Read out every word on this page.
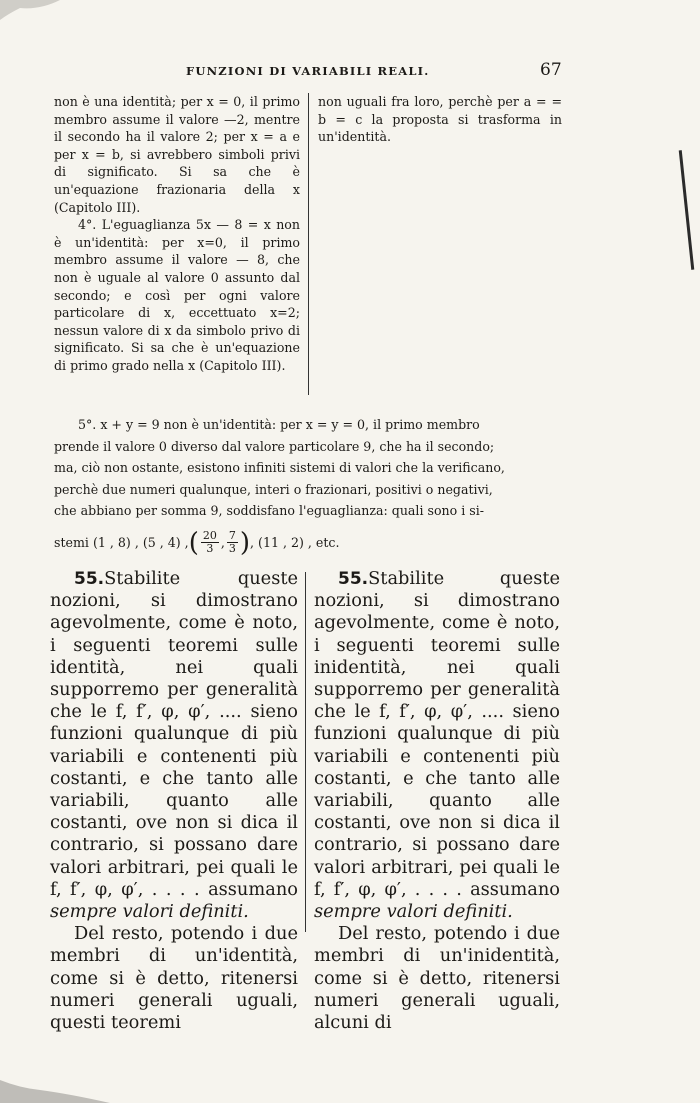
FUNZIONI DI VARIABILI REALI.	67

non è una identità; per x = 0, il primo membro assume il valore —2, mentre il secondo ha il valore 2; per x = a e per x = b, si avrebbero simboli privi di significato. Si sa che è un'equazione frazionaria della x (Capitolo III).

4°. L'eguaglianza 5x — 8 = x non è un'identità: per x=0, il primo membro assume il valore — 8, che non è uguale al valore 0 assunto dal secondo; e così per ogni valore particolare di x, eccettuato x=2; nessun valore di x da simbolo privo di significato. Si sa che è un'equazione di primo grado nella x (Capitolo III).

non uguali fra loro, perchè per a = = b = c la proposta si trasforma in un'identità.

5°. x + y = 9 non è un'identità: per x = y = 0, il primo membro
prende il valore 0 diverso dal valore particolare 9, che ha il secondo;
ma, ciò non ostante, esistono infiniti sistemi di valori che la verificano,
perchè due numeri qualunque, interi o frazionari, positivi o negativi,
che abbiano per somma 9, soddisfano l'eguaglianza: quali sono i si-
stemi (1 , 8) , (5 , 4) , ( $\frac{20}{3}$ , $\frac{7}{3}$ ) , (11 , 2) , etc.

55.Stabilite queste nozioni, si dimostrano agevolmente, come è noto, i seguenti teoremi sulle identità, nei quali supporremo per generalità che le f, f′, φ, φ′, .... sieno funzioni qualunque di più variabili e contenenti più costanti, e che tanto alle variabili, quanto alle costanti, ove non si dica il contrario, si possano dare valori arbitrari, pei quali le f, f′, φ, φ′, . . . . assumano sempre valori definiti.

Del resto, potendo i due membri di un'identità, come si è detto, ritenersi numeri generali uguali, questi teoremi

55.Stabilite queste nozioni, si dimostrano agevolmente, come è noto, i seguenti teoremi sulle inidentità, nei quali supporremo per generalità che le f, f′, φ, φ′, .... sieno funzioni qualunque di più variabili e contenenti più costanti, e che tanto alle variabili, quanto alle costanti, ove non si dica il contrario, si possano dare valori arbitrari, pei quali le f, f′, φ, φ′, . . . . assumano sempre valori definiti.

Del resto, potendo i due membri di un'inidentità, come si è detto, ritenersi numeri generali uguali, alcuni di
